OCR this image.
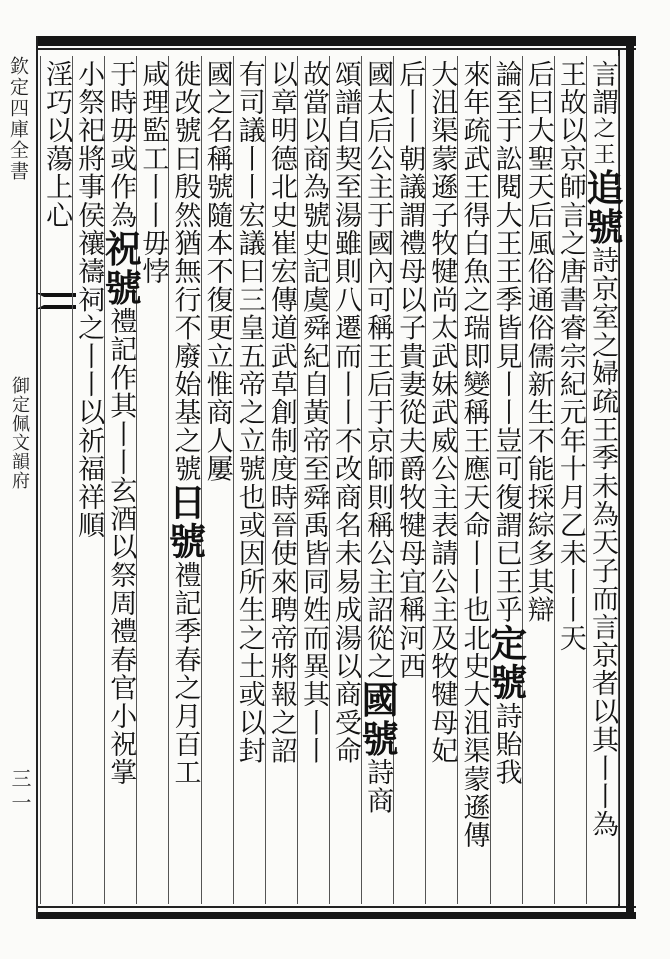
欽定四庫全書
御定佩文韻府
三一
言謂之王追號詩京室之婦疏王季未為天子而言京者以其丨丨為
王故以京師言之唐書睿宗紀元年十月乙未丨丨天
后曰大聖天后風俗通俗儒新生不能採綜多其辯
論至于訟閱大王王季皆見丨丨豈可復謂已王乎定號詩貽我
來年疏武王得白魚之瑞即變稱王應天命丨丨也北史大沮渠蒙遜傳
大沮渠蒙遜子牧犍尚太武妹武威公主表請公主及牧犍母妃
后丨丨朝議謂禮母以子貴妻從夫爵牧犍母宜稱河西
國太后公主于國內可稱王后于京師則稱公主詔從之國號詩商
頌譜自契至湯雖則八遷而丨丨不改商名未易成湯以商受命
故當以商為號史記虞舜紀自黃帝至舜禹皆同姓而異其丨丨
以章明德北史崔宏傳道武草創制度時晉使來聘帝將報之詔
有司議丨丨宏議曰三皇五帝之立號也或因所生之土或以封
國之名稱號隨本不復更立惟商人屢
徙改號曰殷然猶無行不廢始基之號日號禮記季春之月百工
咸理監工丨丨毋悖
于時毋或作為祝號禮記作其丨丨玄酒以祭周禮春官小祝掌
小祭祀將事侯禳禱祠之丨丨以祈福祥順
淫巧以蕩上心
